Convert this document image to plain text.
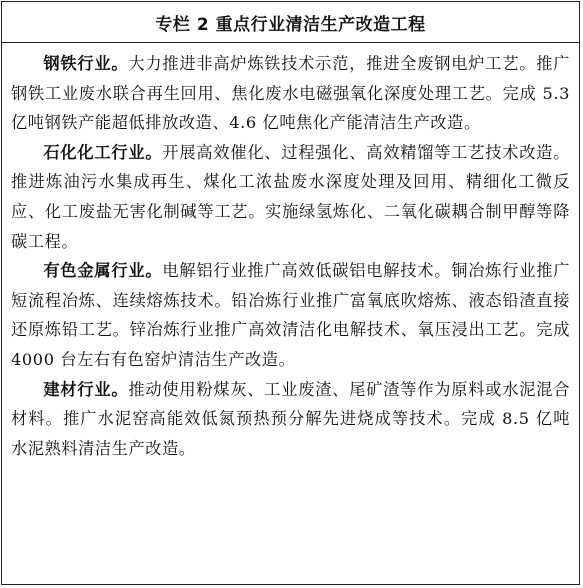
专栏 2 重点行业清洁生产改造工程

钢铁行业。大力推进非高炉炼铁技术示范，推进全废钢电炉工艺。推广钢铁工业废水联合再生回用、焦化废水电磁强氧化深度处理工艺。完成 5.3 亿吨钢铁产能超低排放改造、4.6 亿吨焦化产能清洁生产改造。

石化化工行业。开展高效催化、过程强化、高效精馏等工艺技术改造。推进炼油污水集成再生、煤化工浓盐废水深度处理及回用、精细化工微反应、化工废盐无害化制碱等工艺。实施绿氢炼化、二氧化碳耦合制甲醇等降碳工程。

有色金属行业。电解铝行业推广高效低碳铝电解技术。铜冶炼行业推广短流程冶炼、连续熔炼技术。铅冶炼行业推广富氧底吹熔炼、液态铅渣直接还原炼铅工艺。锌冶炼行业推广高效清洁化电解技术、氧压浸出工艺。完成 4000 台左右有色窑炉清洁生产改造。

建材行业。推动使用粉煤灰、工业废渣、尾矿渣等作为原料或水泥混合材料。推广水泥窑高能效低氮预热预分解先进烧成等技术。完成 8.5 亿吨水泥熟料清洁生产改造。
